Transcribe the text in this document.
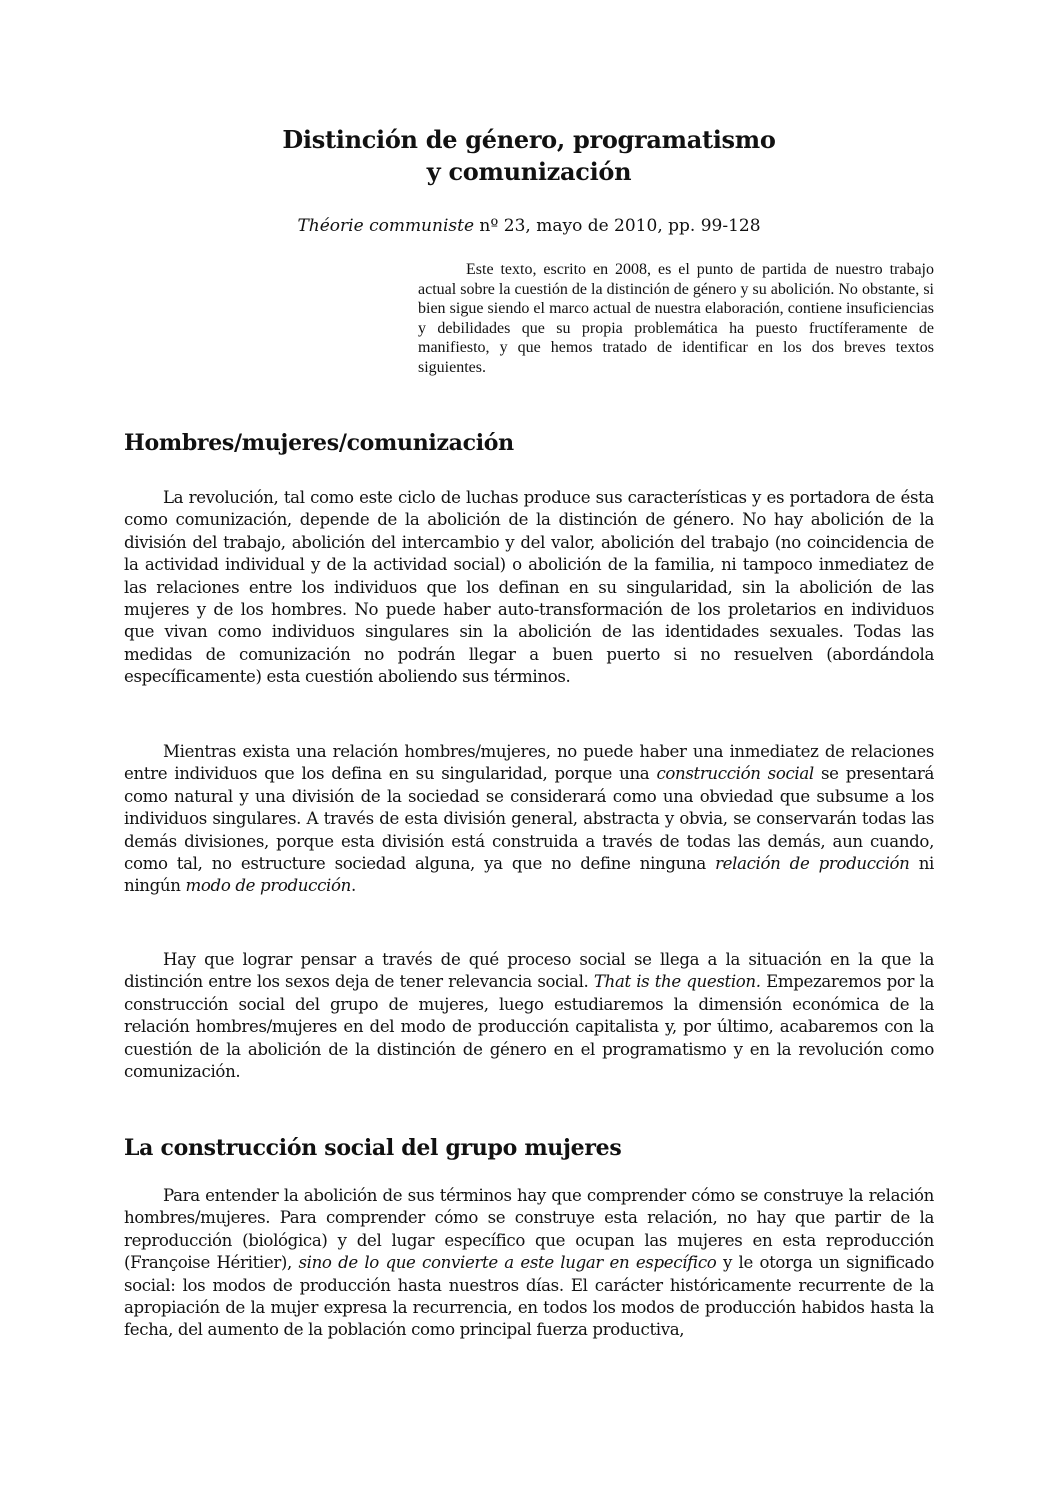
Distinción de género, programatismo
y comunización

Théorie communiste nº 23, mayo de 2010, pp. 99-128

Este texto, escrito en 2008, es el punto de partida de nuestro trabajo actual sobre la cuestión de la distinción de género y su abolición. No obstante, si bien sigue siendo el marco actual de nuestra elaboración, contiene insuficiencias y debilidades que su propia problemática ha puesto fructíferamente de manifiesto, y que hemos tratado de identificar en los dos breves textos siguientes.

Hombres/mujeres/comunización

La revolución, tal como este ciclo de luchas produce sus características y es portadora de ésta como comunización, depende de la abolición de la distinción de género. No hay abolición de la división del trabajo, abolición del intercambio y del valor, abolición del trabajo (no coincidencia de la actividad individual y de la actividad social) o abolición de la familia, ni tampoco inmediatez de las relaciones entre los individuos que los definan en su singularidad, sin la abolición de las mujeres y de los hombres. No puede haber auto-transformación de los proletarios en individuos que vivan como individuos singulares sin la abolición de las identidades sexuales. Todas las medidas de comunización no podrán llegar a buen puerto si no resuelven (abordándola específicamente) esta cuestión aboliendo sus términos.

Mientras exista una relación hombres/mujeres, no puede haber una inmediatez de relaciones entre individuos que los defina en su singularidad, porque una construcción social se presentará como natural y una división de la sociedad se considerará como una obviedad que subsume a los individuos singulares. A través de esta división general, abstracta y obvia, se conservarán todas las demás divisiones, porque esta división está construida a través de todas las demás, aun cuando, como tal, no estructure sociedad alguna, ya que no define ninguna relación de producción ni ningún modo de producción.

Hay que lograr pensar a través de qué proceso social se llega a la situación en la que la distinción entre los sexos deja de tener relevancia social. That is the question. Empezaremos por la construcción social del grupo de mujeres, luego estudiaremos la dimensión económica de la relación hombres/mujeres en del modo de producción capitalista y, por último, acabaremos con la cuestión de la abolición de la distinción de género en el programatismo y en la revolución como comunización.

La construcción social del grupo mujeres

Para entender la abolición de sus términos hay que comprender cómo se construye la relación hombres/mujeres. Para comprender cómo se construye esta relación, no hay que partir de la reproducción (biológica) y del lugar específico que ocupan las mujeres en esta reproducción (Françoise Héritier), sino de lo que convierte a este lugar en específico y le otorga un significado social: los modos de producción hasta nuestros días. El carácter históricamente recurrente de la apropiación de la mujer expresa la recurrencia, en todos los modos de producción habidos hasta la fecha, del aumento de la población como principal fuerza productiva,
